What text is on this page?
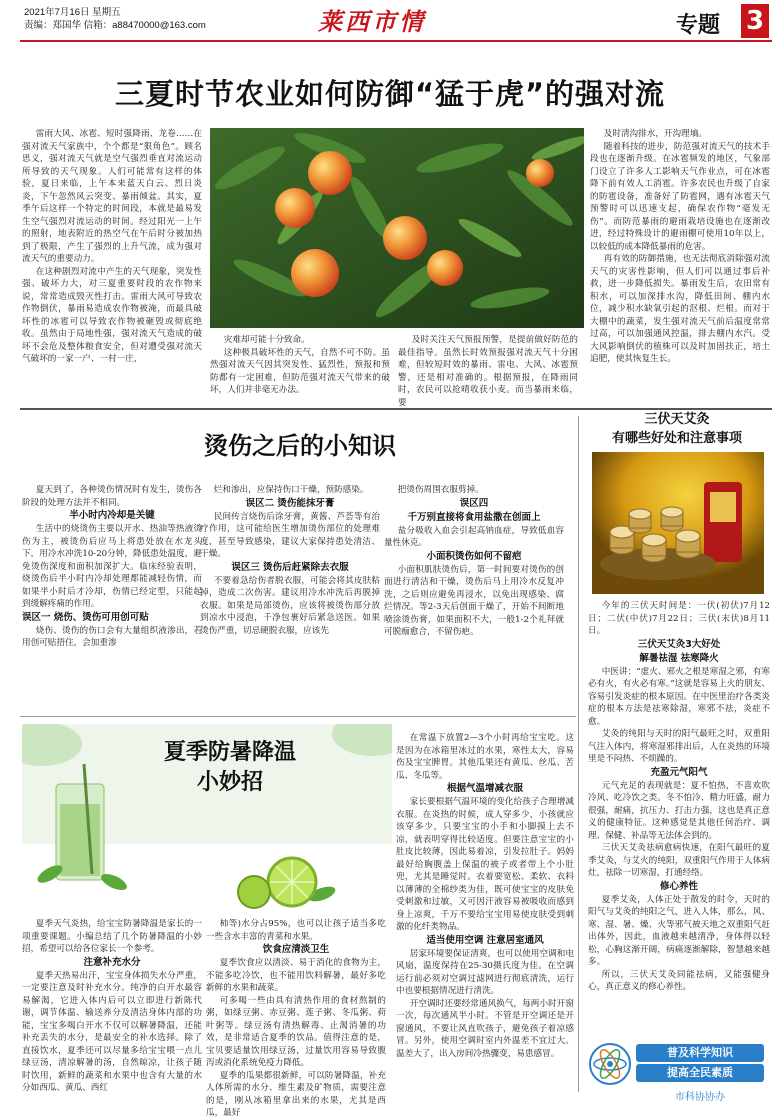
2021年7月16日 星期五
责编：郑国华 信箱：a88470000@163.com	莱西市情	专题 3
三夏时节农业如何防御“猛于虎”的强对流

雷雨大风、冰雹、短时强降雨、龙卷……在强对流天气家族中，个个都是“狠角色”。顾名思义，强对流天气就是空气强烈垂直对流运动所导致的天气现象。人们可能常有这样的体验，夏日来临，上午本来蓝天白云、烈日炎炎，下午忽然风云突变、暴雨倾盆。其实，夏季午后这样一个特定的时间段，本就是最易发生空气强烈对流运动的时间。经过阳光一上午的照射，地表附近的热空气在午后时分被加热到了极限，产生了强烈的上升气流，成为强对流天气的重要动力。

在这种剧烈对流中产生的天气现象，突发性强、破坏力大，对三夏重要时段的农作物来说，常常造成毁灭性打击。雷雨大风可导致农作物倒伏，暴雨易造成农作物被淹，而最具破坏性的冰雹可以导致农作物被砸毁或彻底绝收。虽然由于局地性强，强对流天气造成的破坏不会危及整体粮食安全，但对遭受强对流天气破坏的一家一户、一村一庄，

灾难却可能十分致命。

这种极具破坏性的天气，自然不可不防。虽然强对流天气因其突发性、猛烈性，预报和预防都有一定困难，但防范强对流天气带来的破坏，人们并非毫无办法。

及时关注天气预报预警，是提前做好防范的最佳指导。虽然长时效预报强对流天气十分困难，但较短时效的暴雨、雷电、大风、冰雹预警，还是相对准确的。根据预报，在降雨同时，农民可以抢晴收获小麦。而当暴雨来临，要

及时清沟排水，开沟理墒。

随着科技的进步，防范强对流天气的技术手段也在逐渐升级。在冰雹频发的地区，气象部门设立了许多人工影响天气作业点，可在冰雹降下前有效人工消雹。许多农民也升级了自家的防雹设备，准备好了防雹网，遇有冰雹天气预警时可以迅速支起，确保农作物“毫发无伤”。而防范暴雨的避雨栽培设施也在逐渐改进，经过特殊设计的避雨棚可使用10年以上，以较低的成本降低暴雨的危害。

再有效的防御措施，也无法彻底消除强对流天气的灾害性影响，但人们可以通过事后补救，进一步降低损失。暴雨发生后，农田常有积水，可以加深排水沟，降低田间、棚内水位，减少积水缺氧引起的沤根、烂根。而对于大棚中的蔬菜，发生强对流天气前后温度常常过高，可以加强通风控温，排去棚内水汽。受大风影响倒伏的植株可以及时加固扶正，培土追肥，使其恢复生长。

烫伤之后的小知识

夏天到了，各种烫伤情况时有发生，烫伤各阶段的处理方法并不相同。

半小时内冷却是关键

生活中的烧烫伤主要以开水、热油等热液烫伤为主，被烫伤后应马上将患处放在水龙头下，用冷水冲洗10-20分钟，降低患处温度，避免烫伤深度和面积加深扩大。临床经验表明，烧烫伤后半小时内冷却处理都能减轻伤情，而如果半小时后才冷却，伤情已经定型，只能起到缓解疼痛的作用。

误区一 烧伤、烫伤可用创可贴

烧伤、烫伤的伤口会有大量组织液渗出，若用创可贴捂住，会加重渗

烂和渗出，应保持伤口干燥，预防感染。

误区二 烫伤能抹牙膏

民间传言烧伤后涂牙膏，黄酱、芦荟等有治疗作用，这可能给医生增加烫伤部位的处理难度，甚至导致感染，建议大家保持患处清洁、干燥。

误区三 烫伤后赶紧除去衣服

不要着急给伤者脱衣服，可能会将其皮肤粘掉，造成二次伤害。建议用冷水冲洗后再脱掉衣服。如果是局部烫伤，应该将被烫伤部分放到凉水中浸泡，千净包裹好后紧急送医。如果烫伤严重，切忌硬脱衣服，应该先

把烫伤周围衣服剪掉。

误区四

千万别直接将食用盐撒在创面上

盐分吸收入血会引起高钠血症，导致低血容量性休克。

小面积烫伤如何不留疤

小面积肌肤烫伤后，第一时间要对烫伤的创面进行清洁和干燥，烫伤后马上用冷水反复冲洗，之后则应避免再浸水，以免出现感染、腐烂情况。等2-3天后创面干燥了，开始不间断地喷涂烫伤膏，如果面积不大，一般1-2个礼拜就可脱痂愈合，不留伤疤。

三伏天艾灸
有哪些好处和注意事项

今年的三伏天时间是：一伏(初伏)7月12日；二伏(中伏)7月22日；三伏(末伏)8月11日。

三伏天艾灸3大好处

解暑祛湿 祛寒降火

中医讲：“虚火、邪火之根是寒湿之邪，有寒必有火，有火必有寒。”这就是容易上火的朋友、容易引发炎症的根本原因。在中医里治疗各类炎症的根本方法是祛寒除湿，寒邪不祛，炎症不愈。

艾灸的纯阳与天时的阳气最旺之时，双重阳气注入体内，将寒湿邪排出后，人在炎热的环境里是不闷热、不烦躁的。

充盈元气阳气

元气充足的表现就是：夏不怕热，不喜欢吹冷风、吃冷饮之类。冬不怕冷、精力旺盛，耐力很强，耐痛，抗压力、打击力强，这也是真正意义的健康特征。这种感觉是其他任何治疗、调理、保健、补品等无法体会到的。

三伏天艾灸祛病愈病快速，在阳气最旺的夏季艾灸，与艾火的纯阳，双重阳气作用于人体病灶，祛除一切寒湿，打通经络。

修心养性

夏季艾灸，人体正处于散发的时令，天时的阳气与艾灸的纯阳之气，进入人体，那么，风、寒、湿、暑、燥、火等邪气被天地之双重阳气赶出体外，因此，血液越来越清净，身体得以轻松，心胸这渐开阔，病痛逐渐解除，智慧越来越多。

所以，三伏天艾灸同能祛病，又能强健身心，真正意义的修心养性。

普及科学知识
提高全民素质
市科协协办
夏季防暑降温
小妙招

夏季天气炎热，给宝宝防暑降温是家长的一项重要课题。小编总结了几个防暑降温的小妙招，希望可以给各位家长一个参考。

注意补充水分

夏季天热易出汗，宝宝身体损失水分严重，一定要注意及时补充水分。纯净的白开水最容易解渴，它进入体内后可以立即进行新陈代谢，调节体温、输送养分及清洁身体内部的功能，宝宝多喝白开水不仅可以解暑降温，还能补充丢失的水分，是最安全的补水选择。除了直接饮水，夏季还可以尽量多给宝宝喂一点儿绿豆汤，清凉解暑的汤，自然晾凉，让孩子随时饮用，新鲜的蔬菜和水果中也含有大量的水分如西瓜、黄瓜、西红

柿等)水分占95%，也可以让孩子适当多吃一些含水丰富的青菜和水果。

饮食应清淡卫生

夏季饮食应以清淡、易于消化的食物为主，不能多吃冷饮，也不能用饮料解暑，最好多吃新鲜的水果和蔬菜。

可多喝一些由具有清热作用的食材熬制的粥，如绿豆粥、赤豆粥、莲子粥、冬瓜粥、荷叶粥等。绿豆汤有清热解毒、止渴消暑的功效，是非常适合夏季的饮品。值得注意的是，宝贝要适量饮用绿豆汤，过量饮用容易导致腹泻或消化系统免疫力降低。

夏季的瓜果都很新鲜，可以防暑降温，补充人体所需的水分、维生素及矿物质，需要注意的是，刚从冰箱里拿出来的水果，尤其是西瓜，最好

在常温下放置2—3个小时再给宝宝吃。这是因为在冰箱里冰过的水果，寒性太大，容易伤及宝宝脾胃。其他瓜果还有黄瓜、丝瓜、苦瓜、冬瓜等。

根据气温增减衣服

家长要根据气温环境的变化给孩子合理增减衣服。在炎热的时候，成人穿多少，小孩就应该穿多少，只要宝宝的小手和小脚摸上去不凉，就表明穿得比较适度。但要注意宝宝的小肚皮比较薄，因此易着凉，引发拉肚子。妈妈最好给胸腹盖上保温的被子或者带上个小肚兜，尤其是睡觉时。衣着要宽松、柔软、衣料以薄薄的全棉纱类为佳，既可使宝宝的皮肤免受刺激和过敏，又可因汗液容易被吸收而感到身上凉爽，千万不要给宝宝用易使皮肤受到刺激的化纤类物品。

适当使用空调 注意居室通风

居家环境要保证清爽，也可以使用空调和电风扇，温度保持在25-30摄氏度为佳。在空调运行前必须对空调过滤网进行彻底清洗，运行中也要根据情况进行清洗。

开空调时还要经常通风换气，每两小时开窗一次，每次通风半小时。不管是开空调还是开窗通风，不要让风直吹孩子，避免孩子着凉感冒。另外，使用空调时室内外温差不宜过大。温差大了，出入房间冷热骤变，易患感冒。
